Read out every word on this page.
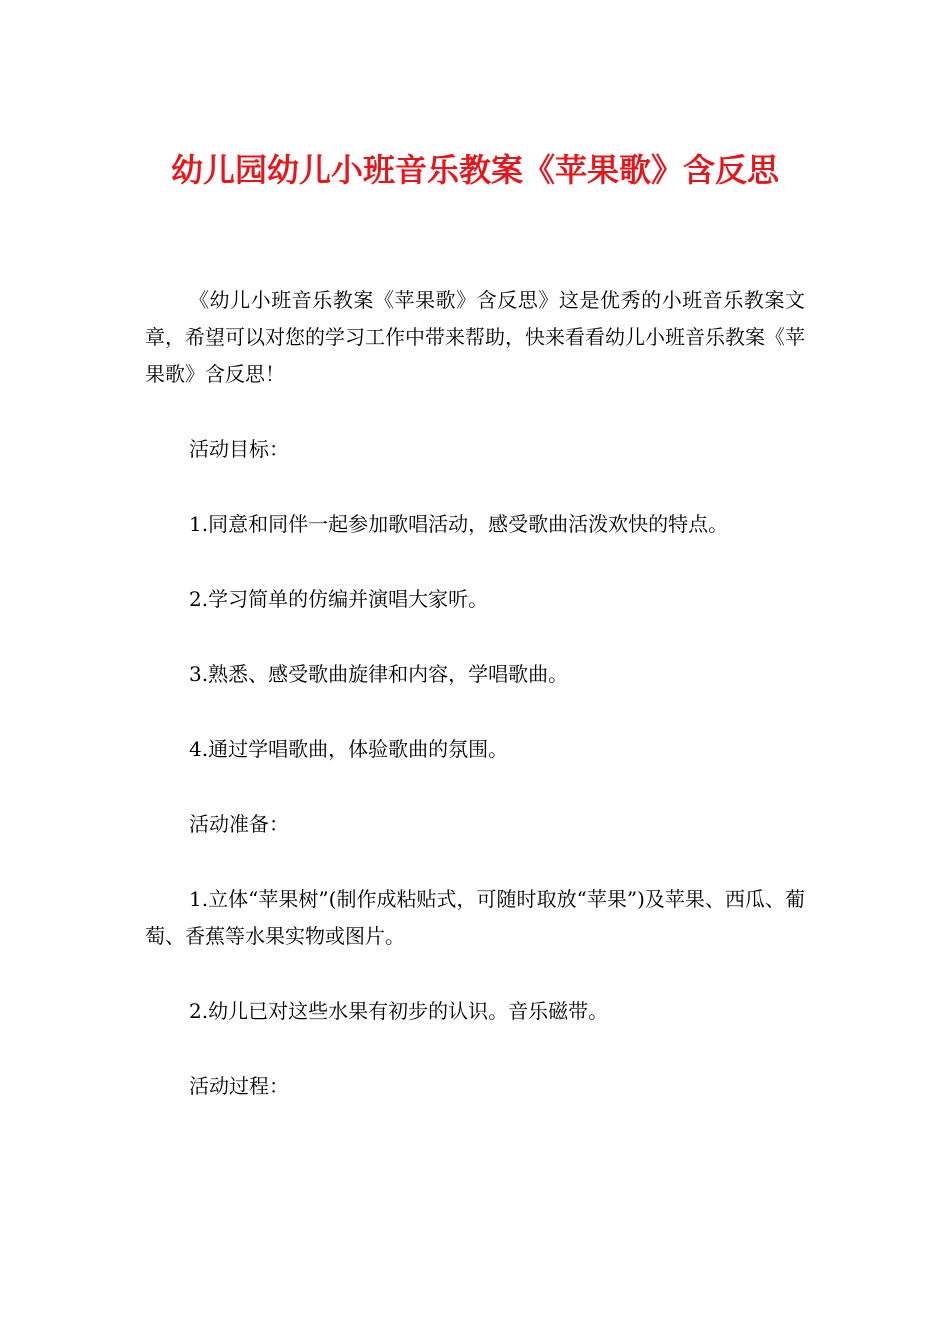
幼儿园幼儿小班音乐教案《苹果歌》含反思

《幼儿小班音乐教案《苹果歌》含反思》这是优秀的小班音乐教案文章，希望可以对您的学习工作中带来帮助，快来看看幼儿小班音乐教案《苹果歌》含反思！

活动目标：

1.同意和同伴一起参加歌唱活动，感受歌曲活泼欢快的特点。

2.学习简单的仿编并演唱大家听。

3.熟悉、感受歌曲旋律和内容，学唱歌曲。

4.通过学唱歌曲，体验歌曲的氛围。

活动准备：

1.立体“苹果树”(制作成粘贴式，可随时取放“苹果”)及苹果、西瓜、葡萄、香蕉等水果实物或图片。

2.幼儿已对这些水果有初步的认识。音乐磁带。

活动过程：
